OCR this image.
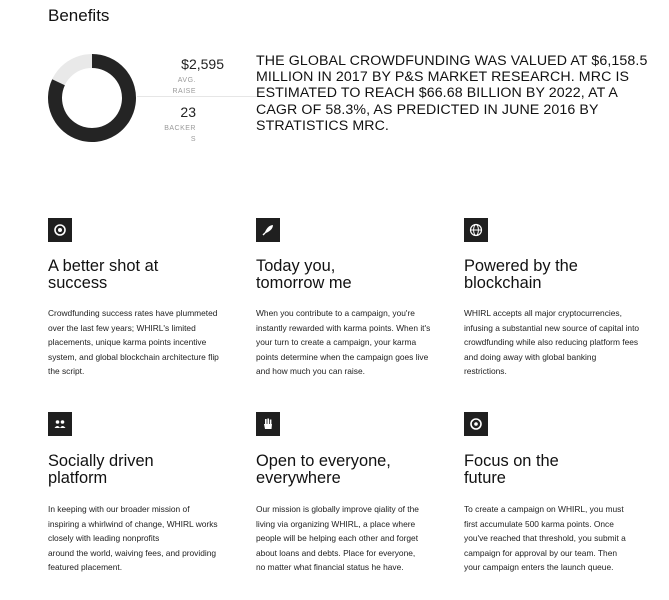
Benefits
$2,595
AVG.
RAISE
23
BACKER
S
THE GLOBAL CROWDFUNDING WAS VALUED AT $6,158.5 MILLION IN 2017 BY P&S MARKET RESEARCH. MRC IS ESTIMATED TO REACH $66.68 BILLION BY 2022, AT A CAGR OF 58.3%, AS PREDICTED IN JUNE 2016 BY STRATISTICS MRC.
A better shot at
success
Crowdfunding success rates have plummeted
over the last few years; WHIRL's limited
placements, unique karma points incentive
system, and global blockchain architecture flip
the script.
Today you,
tomorrow me
When you contribute to a campaign, you're
instantly rewarded with karma points. When it's
your turn to create a campaign, your karma
points determine when the campaign goes live
and how much you can raise.
Powered by the
blockchain
WHIRL accepts all major cryptocurrencies,
infusing a substantial new source of capital into
crowdfunding while also reducing platform fees
and doing away with global banking
restrictions.
Socially driven
platform
In keeping with our broader mission of
inspiring a whirlwind of change, WHIRL works
closely with leading nonprofits
around the world, waiving fees, and providing
featured placement.
Open to everyone,
everywhere
Our mission is globally improve qiality of the
living via organizing WHIRL, a place where
people will be helping each other and forget
about loans and debts. Place for everyone,
no matter what financial status he have.
Focus on the
future
To create a campaign on WHIRL, you must
first accumulate 500 karma points. Once
you've reached that threshold, you submit a
campaign for approval by our team. Then
your campaign enters the launch queue.
